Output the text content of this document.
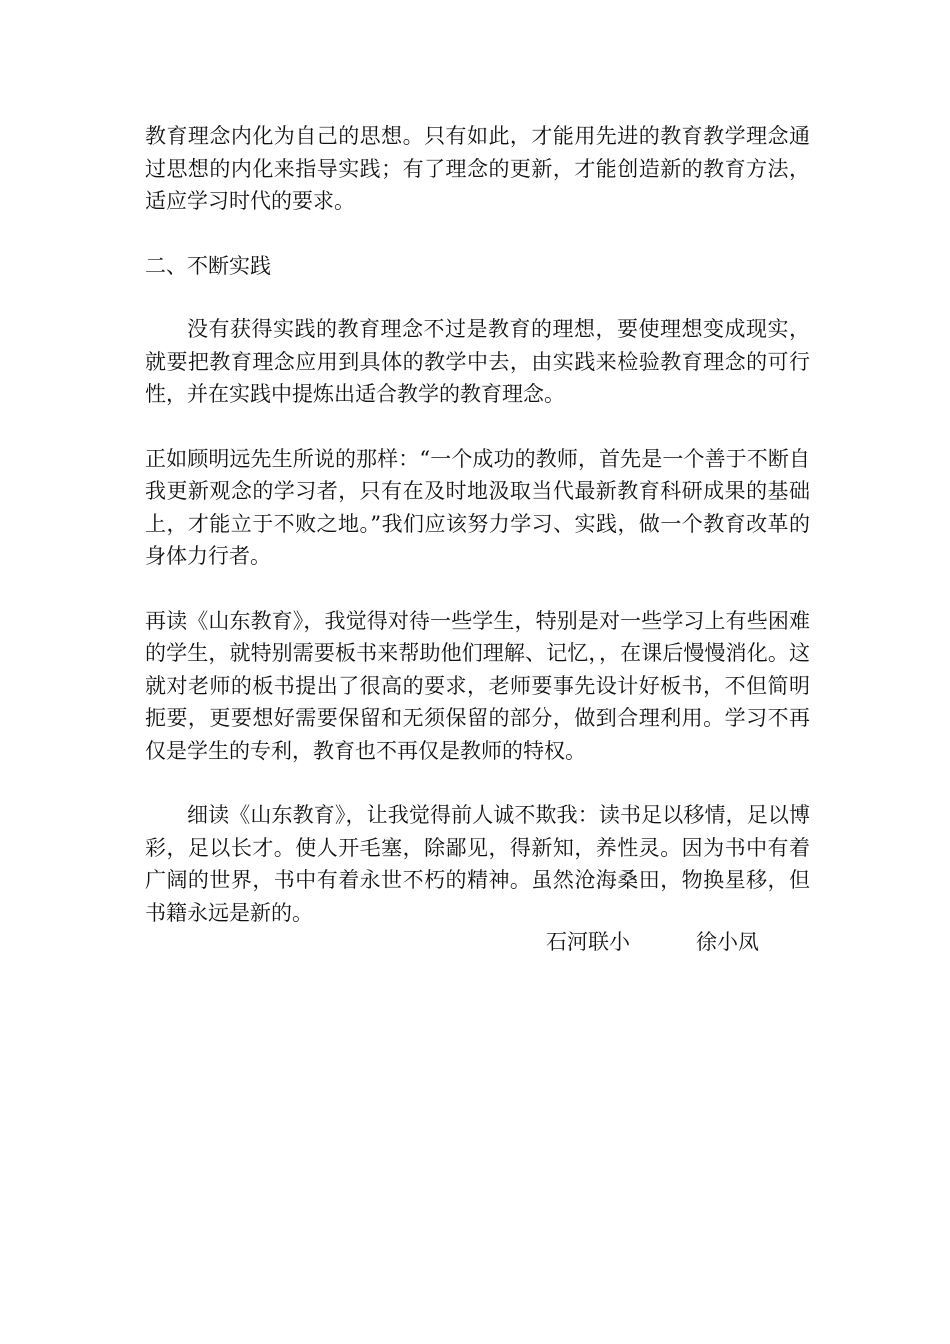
教育理念内化为自己的思想。只有如此，才能用先进的教育教学理念通过思想的内化来指导实践；有了理念的更新，才能创造新的教育方法，适应学习时代的要求。

二、不断实践

没有获得实践的教育理念不过是教育的理想，要使理想变成现实，就要把教育理念应用到具体的教学中去，由实践来检验教育理念的可行性，并在实践中提炼出适合教学的教育理念。

正如顾明远先生所说的那样：“一个成功的教师，首先是一个善于不断自我更新观念的学习者，只有在及时地汲取当代最新教育科研成果的基础上，才能立于不败之地。”我们应该努力学习、实践，做一个教育改革的身体力行者。

再读《山东教育》，我觉得对待一些学生，特别是对一些学习上有些困难的学生，就特别需要板书来帮助他们理解、记忆，，在课后慢慢消化。这就对老师的板书提出了很高的要求，老师要事先设计好板书，不但简明扼要，更要想好需要保留和无须保留的部分，做到合理利用。学习不再仅是学生的专利，教育也不再仅是教师的特权。

细读《山东教育》，让我觉得前人诚不欺我：读书足以移情，足以博彩，足以长才。使人开毛塞，除鄙见，得新知，养性灵。因为书中有着广阔的世界，书中有着永世不朽的精神。虽然沧海桑田，物换星移，但书籍永远是新的。

石河联小	徐小凤
